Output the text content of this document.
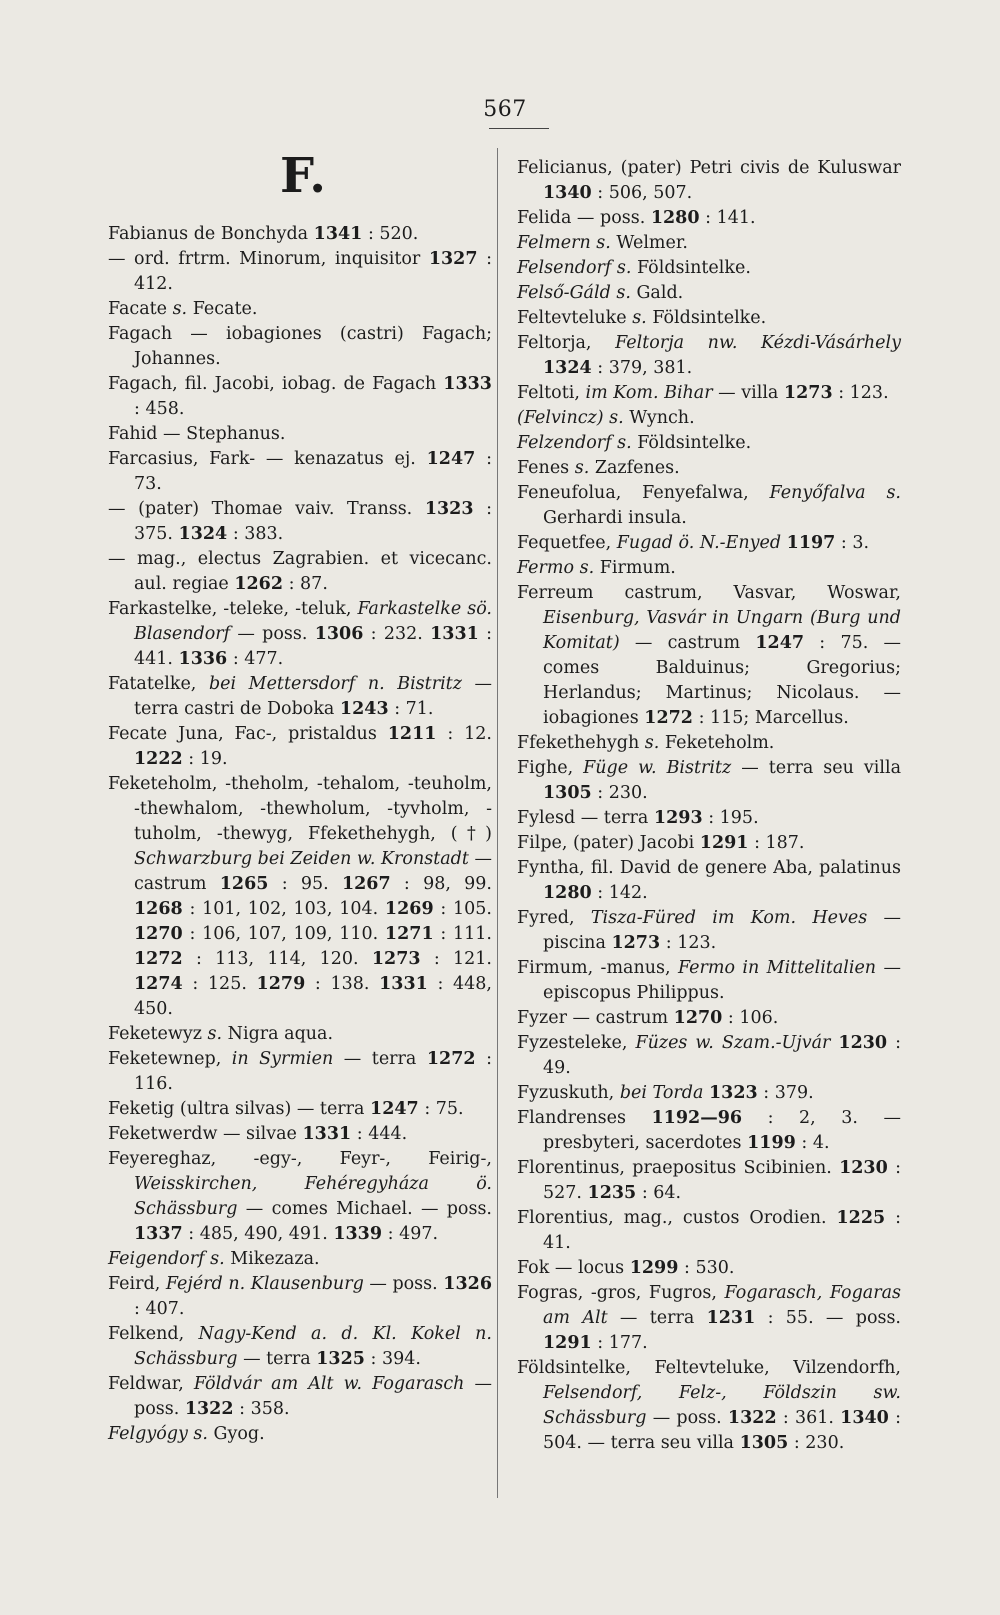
567
F.
Fabianus de Bonchyda 1341 : 520.
— ord. frtrm. Minorum, inquisitor 1327 : 412.
Facate s. Fecate.
Fagach — iobagiones (castri) Fagach; Johannes.
Fagach, fil. Jacobi, iobag. de Fagach 1333 : 458.
Fahid — Stephanus.
Farcasius, Fark- — kenazatus ej. 1247 : 73.
— (pater) Thomae vaiv. Transs. 1323 : 375. 1324 : 383.
— mag., electus Zagrabien. et vicecanc. aul. regiae 1262 : 87.
Farkastelke, -teleke, -teluk, Farkastelke sö. Blasendorf — poss. 1306 : 232. 1331 : 441. 1336 : 477.
Fatatelke, bei Mettersdorf n. Bistritz — terra castri de Doboka 1243 : 71.
Fecate Juna, Fac-, pristaldus 1211 : 12. 1222 : 19.
Feketeholm, -theholm, -tehalom, -teuholm, -thewhalom, -thewholum, -tyvholm, -tuholm, -thewyg, Ffekethehygh, (†) Schwarzburg bei Zeiden w. Kronstadt — castrum 1265 : 95. 1267 : 98, 99. 1268 : 101, 102, 103, 104. 1269 : 105. 1270 : 106, 107, 109, 110. 1271 : 111. 1272 : 113, 114, 120. 1273 : 121. 1274 : 125. 1279 : 138. 1331 : 448, 450.
Feketewyz s. Nigra aqua.
Feketewnep, in Syrmien — terra 1272 : 116.
Feketig (ultra silvas) — terra 1247 : 75.
Feketwerdw — silvae 1331 : 444.
Feyereghaz, -egy-, Feyr-, Feirig-, Weisskirchen, Fehéregyháza ö. Schässburg — comes Michael. — poss. 1337 : 485, 490, 491. 1339 : 497.
Feigendorf s. Mikezaza.
Feird, Fejérd n. Klausenburg — poss. 1326 : 407.
Felkend, Nagy-Kend a. d. Kl. Kokel n. Schässburg — terra 1325 : 394.
Feldwar, Földvár am Alt w. Fogarasch — poss. 1322 : 358.
Felgyógy s. Gyog.
Felicianus, (pater) Petri civis de Kuluswar 1340 : 506, 507.
Felida — poss. 1280 : 141.
Felmern s. Welmer.
Felsendorf s. Földsintelke.
Felső-Gáld s. Gald.
Feltevteluke s. Földsintelke.
Feltorja, Feltorja nw. Kézdi-Vásárhely 1324 : 379, 381.
Feltoti, im Kom. Bihar — villa 1273 : 123.
(Felvincz) s. Wynch.
Felzendorf s. Földsintelke.
Fenes s. Zazfenes.
Feneufolua, Fenyefalwa, Fenyőfalva s. Gerhardi insula.
Fequetfee, Fugad ö. N.-Enyed 1197 : 3.
Fermo s. Firmum.
Ferreum castrum, Vasvar, Woswar, Eisenburg, Vasvár in Ungarn (Burg und Komitat) — castrum 1247 : 75. — comes Balduinus; Gregorius; Herlandus; Martinus; Nicolaus. — iobagiones 1272 : 115; Marcellus.
Ffekethehygh s. Feketeholm.
Fighe, Füge w. Bistritz — terra seu villa 1305 : 230.
Fylesd — terra 1293 : 195.
Filpe, (pater) Jacobi 1291 : 187.
Fyntha, fil. David de genere Aba, palatinus 1280 : 142.
Fyred, Tisza-Füred im Kom. Heves — piscina 1273 : 123.
Firmum, -manus, Fermo in Mittelitalien — episcopus Philippus.
Fyzer — castrum 1270 : 106.
Fyzesteleke, Füzes w. Szam.-Ujvár 1230 : 49.
Fyzuskuth, bei Torda 1323 : 379.
Flandrenses 1192—96 : 2, 3. — presbyteri, sacerdotes 1199 : 4.
Florentinus, praepositus Scibinien. 1230 : 527. 1235 : 64.
Florentius, mag., custos Orodien. 1225 : 41.
Fok — locus 1299 : 530.
Fogras, -gros, Fugros, Fogarasch, Fogaras am Alt — terra 1231 : 55. — poss. 1291 : 177.
Földsintelke, Feltevteluke, Vilzendorfh, Felsendorf, Felz-, Földszin sw. Schässburg — poss. 1322 : 361. 1340 : 504. — terra seu villa 1305 : 230.
